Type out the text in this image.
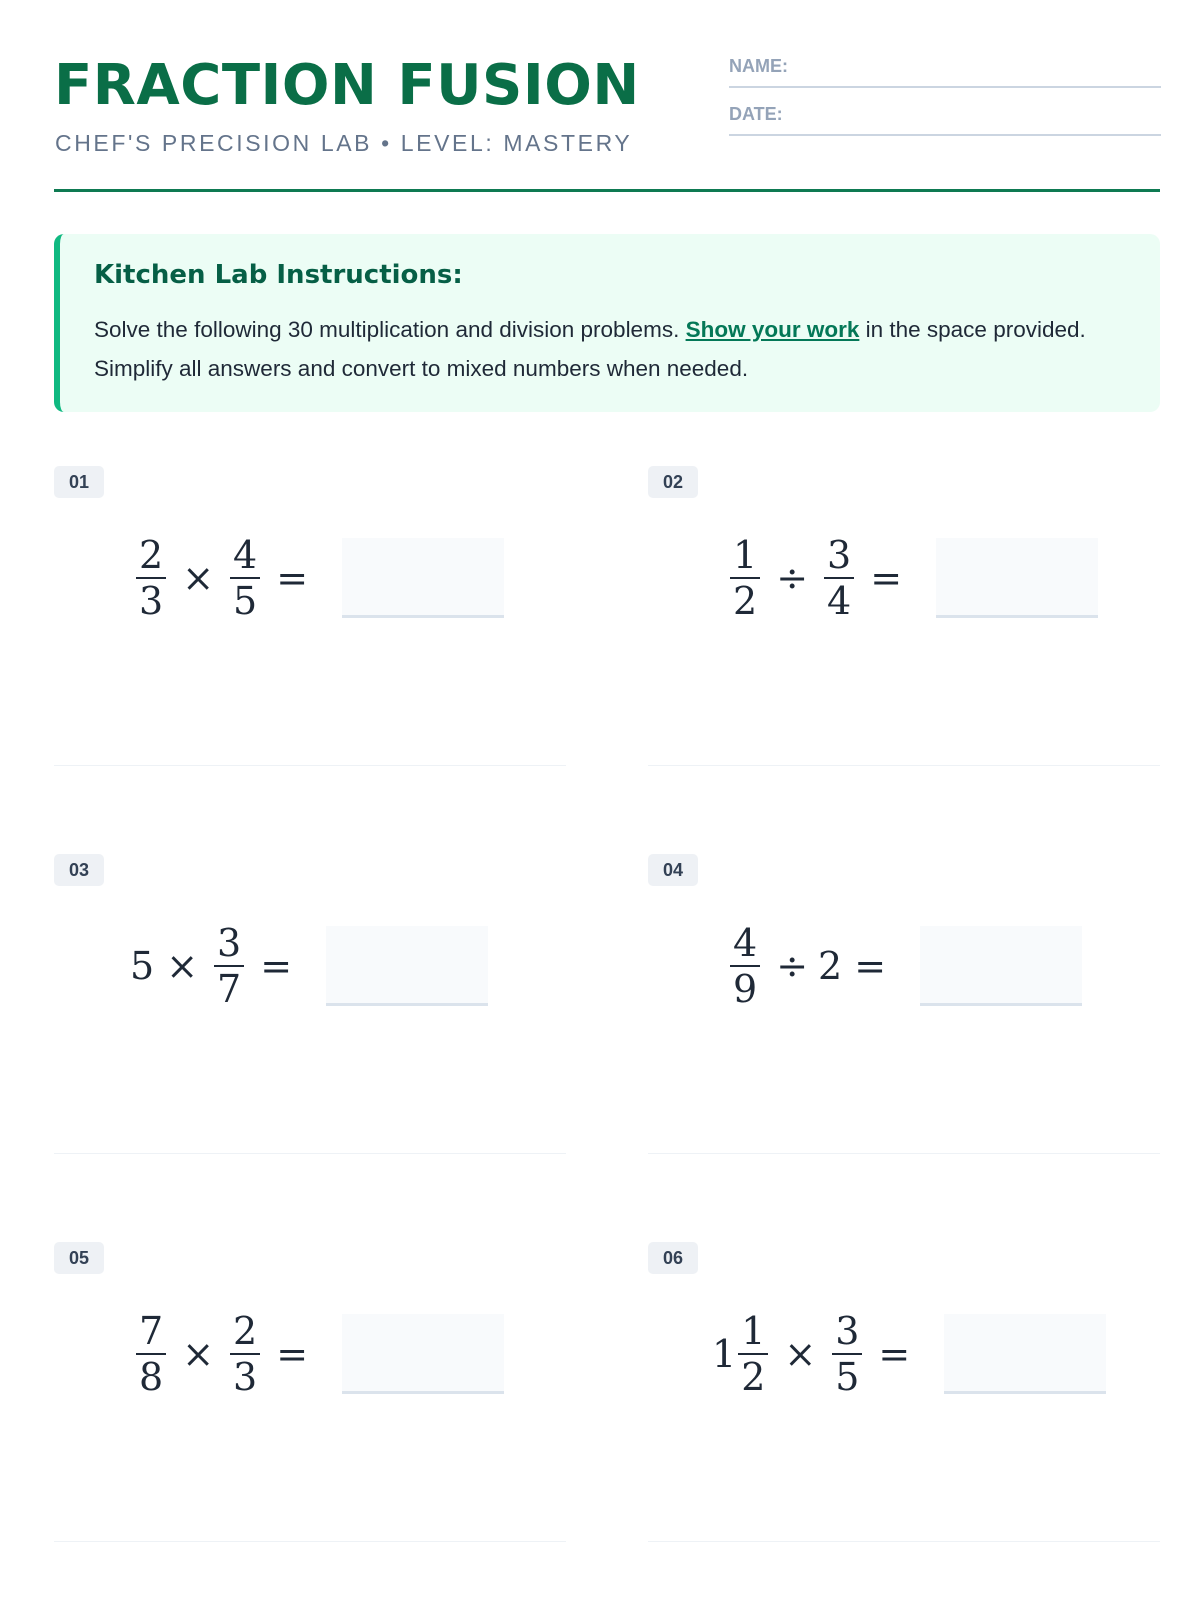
FRACTION FUSION
CHEF'S PRECISION LAB • LEVEL: MASTERY
NAME:
DATE:
Kitchen Lab Instructions:
Solve the following 30 multiplication and division problems. Show your work in the space provided. Simplify all answers and convert to mixed numbers when needed.
01
$\frac{2}{3} \times \frac{4}{5}$ =
02
$\frac{1}{2} \div \frac{3}{4}$ =
03
$5 \times \frac{3}{7}$ =
04
$\frac{4}{9} \div 2$ =
05
$\frac{7}{8} \times \frac{2}{3}$ =
06
$1 \frac{1}{2} \times \frac{3}{5}$ =
